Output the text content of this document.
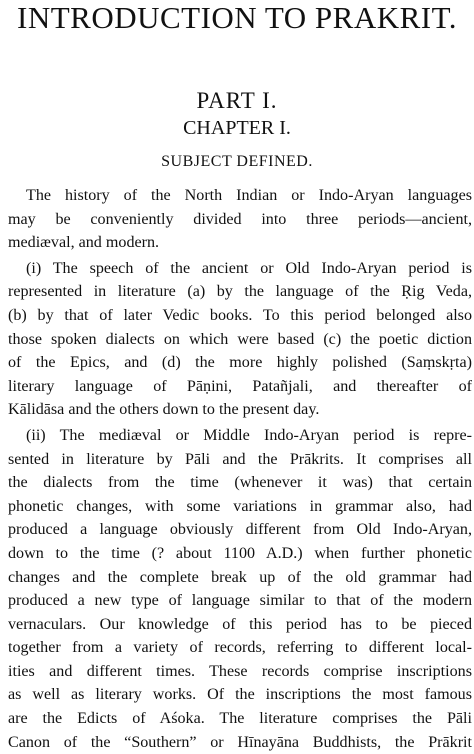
INTRODUCTION TO PRAKRIT.
PART I.
CHAPTER I.
SUBJECT DEFINED.
The history of the North Indian or Indo-Aryan languages
may be conveniently divided into three periods—ancient,
mediæval, and modern.
(i) The speech of the ancient or Old Indo-Aryan period is
represented in literature (a) by the language of the Ṛig Veda,
(b) by that of later Vedic books. To this period belonged also
those spoken dialects on which were based (c) the poetic diction
of the Epics, and (d) the more highly polished (Saṃskṛta)
literary language of Pāṇini, Patañjali, and thereafter of
Kālidāsa and the others down to the present day.
(ii) The mediæval or Middle Indo-Aryan period is repre-
sented in literature by Pāli and the Prākrits. It comprises all
the dialects from the time (whenever it was) that certain
phonetic changes, with some variations in grammar also, had
produced a language obviously different from Old Indo-Aryan,
down to the time (? about 1100 A.D.) when further phonetic
changes and the complete break up of the old grammar had
produced a new type of language similar to that of the modern
vernaculars. Our knowledge of this period has to be pieced
together from a variety of records, referring to different local-
ities and different times. These records comprise inscriptions
as well as literary works. Of the inscriptions the most famous
are the Edicts of Aśoka. The literature comprises the Pāli
Canon of the “Southern” or Hīnayāna Buddhists, the Prākrit
